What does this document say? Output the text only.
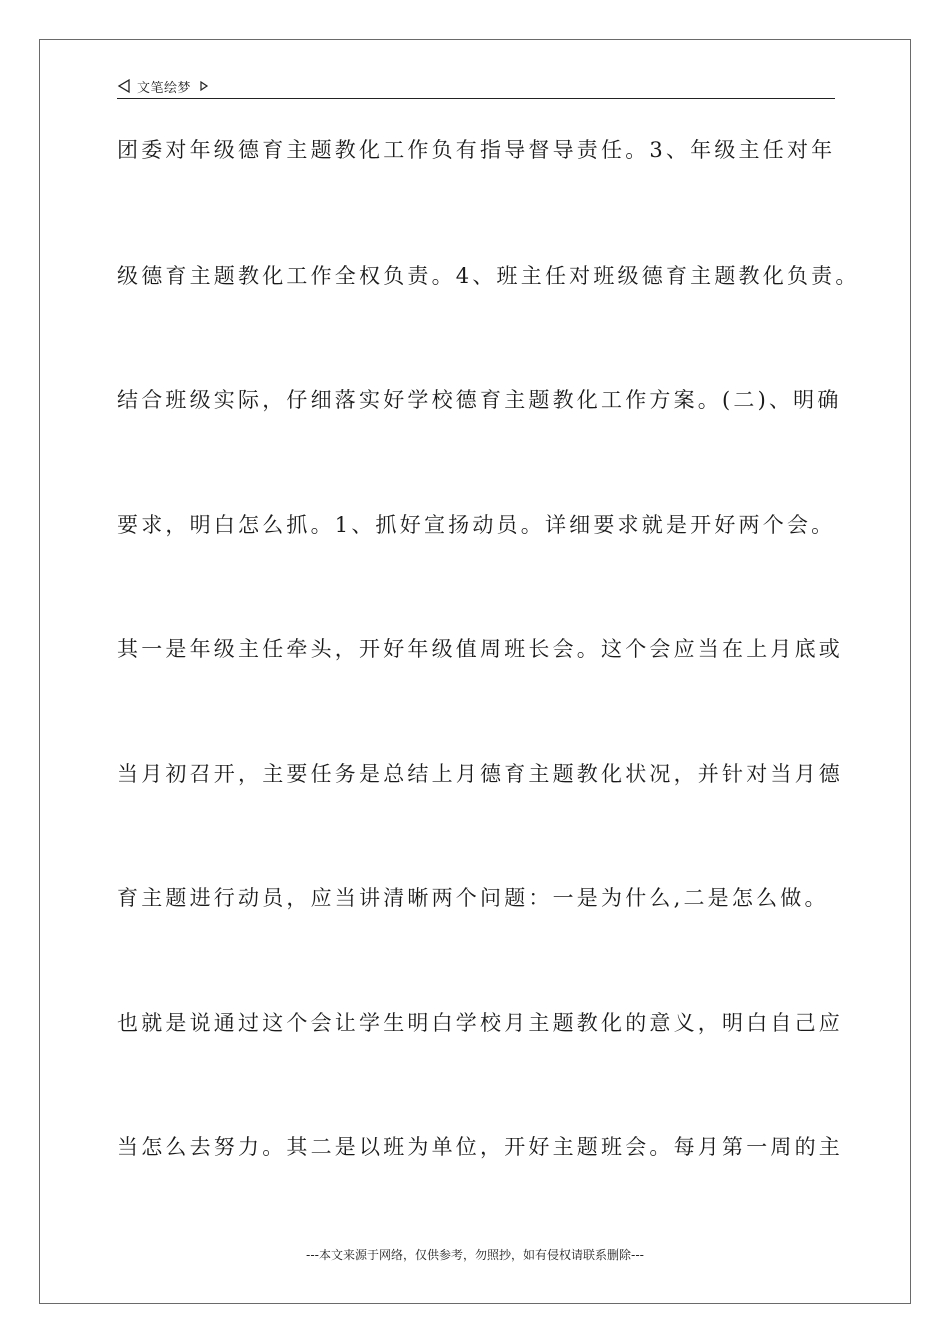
文笔绘梦
团委对年级德育主题教化工作负有指导督导责任。3、年级主任对年
级德育主题教化工作全权负责。4、班主任对班级德育主题教化负责。
结合班级实际，仔细落实好学校德育主题教化工作方案。(二)、明确
要求，明白怎么抓。1、抓好宣扬动员。详细要求就是开好两个会。
其一是年级主任牵头，开好年级值周班长会。这个会应当在上月底或
当月初召开，主要任务是总结上月德育主题教化状况，并针对当月德
育主题进行动员，应当讲清晰两个问题：一是为什么,二是怎么做。
也就是说通过这个会让学生明白学校月主题教化的意义，明白自己应
当怎么去努力。其二是以班为单位，开好主题班会。每月第一周的主
---本文来源于网络，仅供参考，勿照抄，如有侵权请联系删除---
